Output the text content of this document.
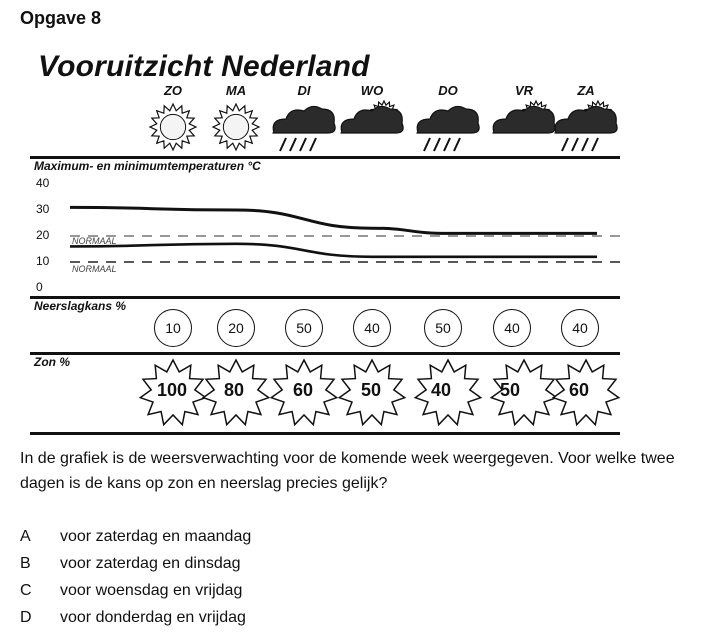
Opgave 8
Vooruitzicht Nederland
ZO	MA	DI	WO	DO	VR	ZA
Maximum- en minimumtemperaturen °C
40
30
20
10
0
NORMAAL
NORMAAL
Neerslagkans %
10	20	50	40	50	40	40
Zon %
100	80	60	50	40	50	60
In de grafiek is de weersverwachting voor de komende week weergegeven. Voor welke twee dagen is de kans op zon en neerslag precies gelijk?
A voor zaterdag en maandag
B voor zaterdag en dinsdag
C voor woensdag en vrijdag
D voor donderdag en vrijdag
